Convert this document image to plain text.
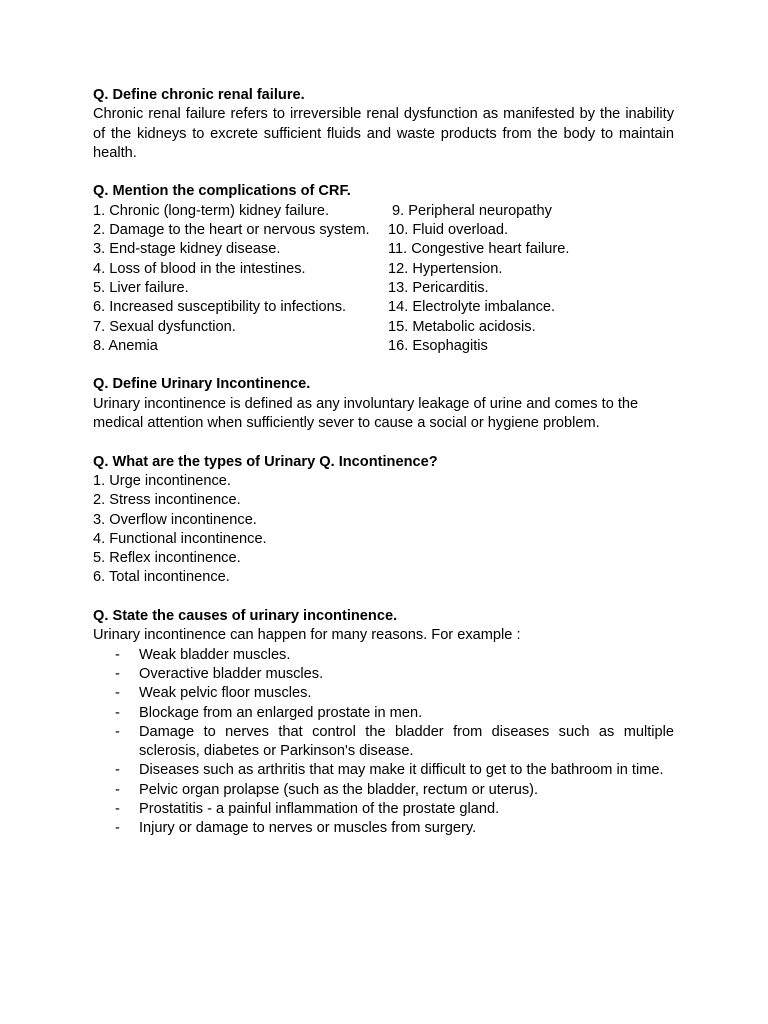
Q. Define chronic renal failure.

Chronic renal failure refers to irreversible renal dysfunction as manifested by the inability of the kidneys to excrete sufficient fluids and waste products from the body to maintain health.

Q. Mention the complications of CRF.

1. Chronic (long-term) kidney failure.
2. Damage to the heart or nervous system.
3. End-stage kidney disease.
4. Loss of blood in the intestines.
5. Liver failure.
6. Increased susceptibility to infections.
7. Sexual dysfunction.
8. Anemia
9. Peripheral neuropathy
10. Fluid overload.
11. Congestive heart failure.
12. Hypertension.
13. Pericarditis.
14. Electrolyte imbalance.
15. Metabolic acidosis.
16. Esophagitis

Q. Define Urinary Incontinence.

Urinary incontinence is defined as any involuntary leakage of urine and comes to the medical attention when sufficiently sever to cause a social or hygiene problem.

Q. What are the types of Urinary Q. Incontinence?

1. Urge incontinence.
2. Stress incontinence.
3. Overflow incontinence.
4. Functional incontinence.
5. Reflex incontinence.
6. Total incontinence.

Q. State the causes of urinary incontinence.

Urinary incontinence can happen for many reasons. For example :

- Weak bladder muscles.
- Overactive bladder muscles.
- Weak pelvic floor muscles.
- Blockage from an enlarged prostate in men.
- Damage to nerves that control the bladder from diseases such as multiple sclerosis, diabetes or Parkinson's disease.
- Diseases such as arthritis that may make it difficult to get to the bathroom in time.
- Pelvic organ prolapse (such as the bladder, rectum or uterus).
- Prostatitis - a painful inflammation of the prostate gland.
- Injury or damage to nerves or muscles from surgery.
